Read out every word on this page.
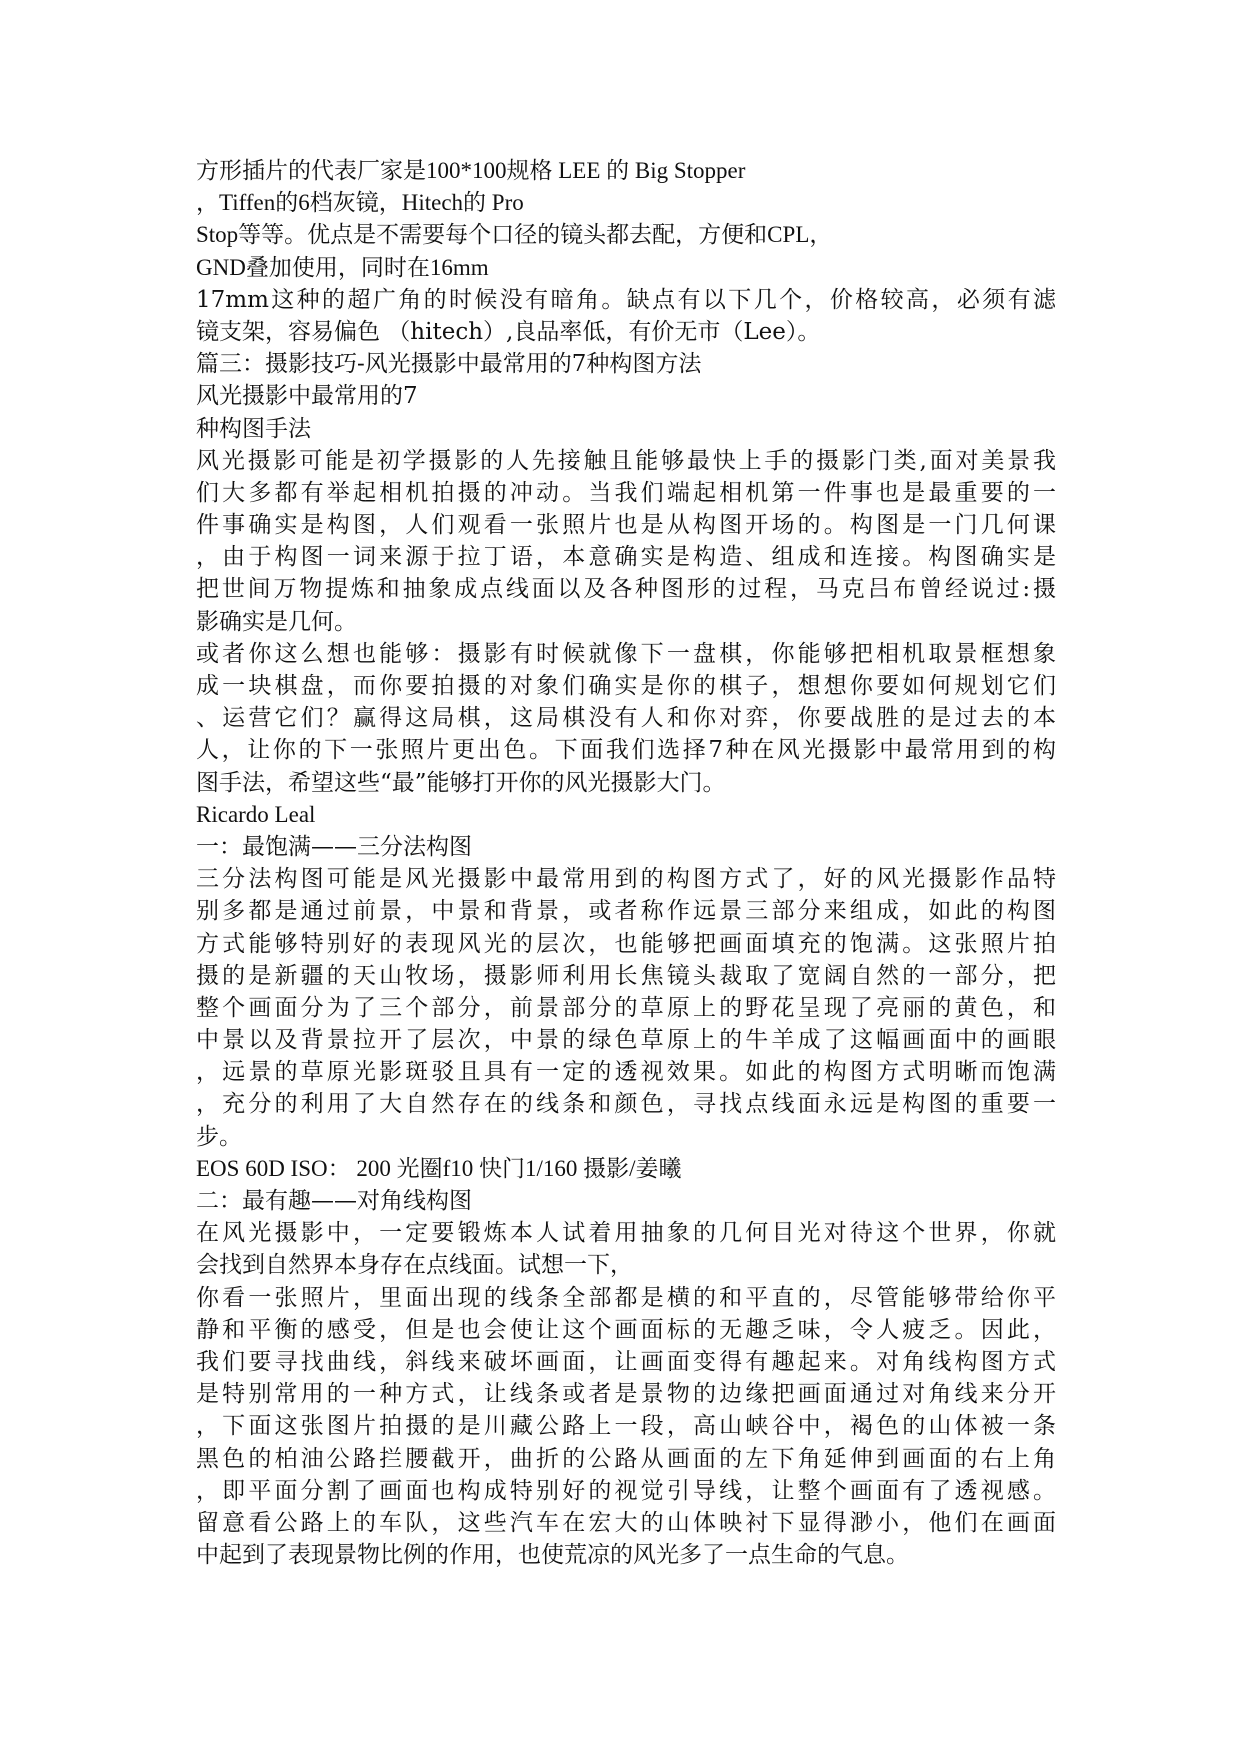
方形插片的代表厂家是100*100规格 LEE 的 Big Stopper
，Tiffen的6档灰镜，Hitech的 Pro
Stop等等。优点是不需要每个口径的镜头都去配，方便和CPL，
GND叠加使用，同时在16mm
17mm这种的超广角的时候没有暗角。缺点有以下几个，价格较高，必须有滤
镜支架，容易偏色 （hitech）,良品率低，有价无市（Lee）。
篇三：摄影技巧-风光摄影中最常用的7种构图方法
风光摄影中最常用的7
种构图手法
风光摄影可能是初学摄影的人先接触且能够最快上手的摄影门类,面对美景我
们大多都有举起相机拍摄的冲动。当我们端起相机第一件事也是最重要的一
件事确实是构图，人们观看一张照片也是从构图开场的。构图是一门几何课
，由于构图一词来源于拉丁语，本意确实是构造、组成和连接。构图确实是
把世间万物提炼和抽象成点线面以及各种图形的过程，马克吕布曾经说过:摄
影确实是几何。
或者你这么想也能够：摄影有时候就像下一盘棋，你能够把相机取景框想象
成一块棋盘，而你要拍摄的对象们确实是你的棋子，想想你要如何规划它们
、运营它们？赢得这局棋，这局棋没有人和你对弈，你要战胜的是过去的本
人，让你的下一张照片更出色。下面我们选择7种在风光摄影中最常用到的构
图手法，希望这些“最”能够打开你的风光摄影大门。
Ricardo Leal
一：最饱满——三分法构图
三分法构图可能是风光摄影中最常用到的构图方式了，好的风光摄影作品特
别多都是通过前景，中景和背景，或者称作远景三部分来组成，如此的构图
方式能够特别好的表现风光的层次，也能够把画面填充的饱满。这张照片拍
摄的是新疆的天山牧场，摄影师利用长焦镜头裁取了宽阔自然的一部分，把
整个画面分为了三个部分，前景部分的草原上的野花呈现了亮丽的黄色，和
中景以及背景拉开了层次，中景的绿色草原上的牛羊成了这幅画面中的画眼
，远景的草原光影斑驳且具有一定的透视效果。如此的构图方式明晰而饱满
，充分的利用了大自然存在的线条和颜色，寻找点线面永远是构图的重要一
步。
EOS 60D ISO： 200 光圈f10 快门1/160 摄影/姜曦
二：最有趣——对角线构图
在风光摄影中，一定要锻炼本人试着用抽象的几何目光对待这个世界，你就
会找到自然界本身存在点线面。试想一下，
你看一张照片，里面出现的线条全部都是横的和平直的，尽管能够带给你平
静和平衡的感受，但是也会使让这个画面标的无趣乏味，令人疲乏。因此，
我们要寻找曲线，斜线来破坏画面，让画面变得有趣起来。对角线构图方式
是特别常用的一种方式，让线条或者是景物的边缘把画面通过对角线来分开
，下面这张图片拍摄的是川藏公路上一段，高山峡谷中，褐色的山体被一条
黑色的柏油公路拦腰截开，曲折的公路从画面的左下角延伸到画面的右上角
，即平面分割了画面也构成特别好的视觉引导线，让整个画面有了透视感。
留意看公路上的车队，这些汽车在宏大的山体映衬下显得渺小，他们在画面
中起到了表现景物比例的作用，也使荒凉的风光多了一点生命的气息。
